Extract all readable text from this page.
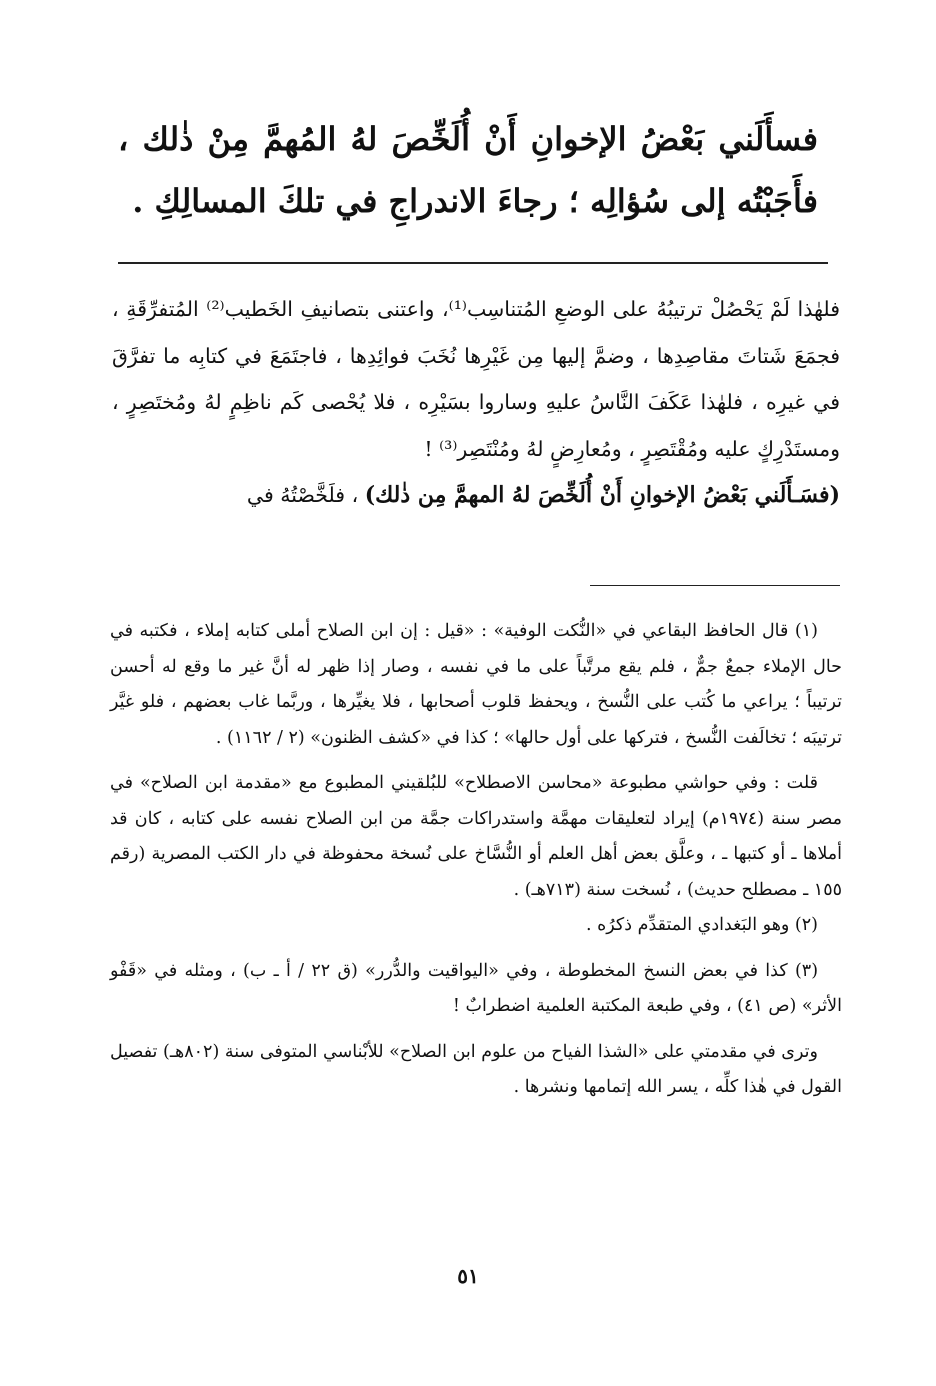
فسأَلَني بَعْضُ الإخوانِ أَنْ أُلَخِّصَ لهُ المُهمَّ مِنْ ذٰلك ، فأَجَبْتُه إلى سُؤالِه ؛ رجاءَ الاندراجِ في تلكَ المسالِكِ .

فلهٰذا لَمْ يَحْصُلْ ترتيبُهُ على الوضعِ المُتناسِب⁽¹⁾، واعتنى بتصانيفِ الخَطيب⁽²⁾ المُتفرِّقَةِ ، فجمَعَ شَتاتَ مقاصِدِها ، وضمَّ إليها مِن غَيْرِها نُخَبَ فوائِدِها ، فاجتَمَعَ في كتابِه ما تفرَّقَ في غيرِه ، فلهٰذا عَكَفَ النَّاسُ عليهِ وساروا بسَيْرِه ، فلا يُحْصى كَم ناظِمٍ لهُ ومُختَصِرٍ ، ومستَدْرِكٍ عليه ومُقْتَصِرٍ ، ومُعارِضٍ لهُ ومُنْتَصِر⁽³⁾ !

(فسَـأَلَني بَعْضُ الإخوانِ أَنْ أُلَخِّصَ لهُ المهمَّ مِن ذٰلك) ، فلَخَّصْتُهُ في

(١) قال الحافظ البقاعي في «النُّكت الوفية» : «قيل : إن ابن الصلاح أملى كتابه إملاء ، فكتبه في حال الإملاء جمعٌ جمٌّ ، فلم يقع مرتَّباً على ما في نفسه ، وصار إذا ظهر له أنَّ غير ما وقع له أحسن ترتيباً ؛ يراعي ما كُتب على النُّسخ ، ويحفظ قلوب أصحابها ، فلا يغيِّرها ، وربَّما غاب بعضهم ، فلو غيَّر ترتيبَه ؛ تخالَفت النُّسخ ، فتركها على أول حالها» ؛ كذا في «كشف الظنون» (٢ / ١١٦٢) .

قلت : وفي حواشي مطبوعة «محاسن الاصطلاح» للبُلقيني المطبوع مع «مقدمة ابن الصلاح» في مصر سنة (١٩٧٤م) إيراد لتعليقات مهمَّة واستدراكات جمَّة من ابن الصلاح نفسه على كتابه ، كان قد أملاها ـ أو كتبها ـ ، وعلَّق بعض أهل العلم أو النُّسَّاخ على نُسخة محفوظة في دار الكتب المصرية (رقم ١٥٥ ـ مصطلح حديث) ، نُسخت سنة (٧١٣هـ) .

(٢) وهو البَغدادي المتقدِّم ذكرُه .

(٣) كذا في بعض النسخ المخطوطة ، وفي «اليواقيت والدُّرر» (ق ٢٢ / أ ـ ب) ، ومثله في «قَفْو الأثر» (ص ٤١) ، وفي طبعة المكتبة العلمية اضطرابٌ !

وترى في مقدمتي على «الشذا الفياح من علوم ابن الصلاح» للأبْناسي المتوفى سنة (٨٠٢هـ) تفصيل القول في هٰذا كلِّه ، يسر الله إتمامها ونشرها .

٥١
